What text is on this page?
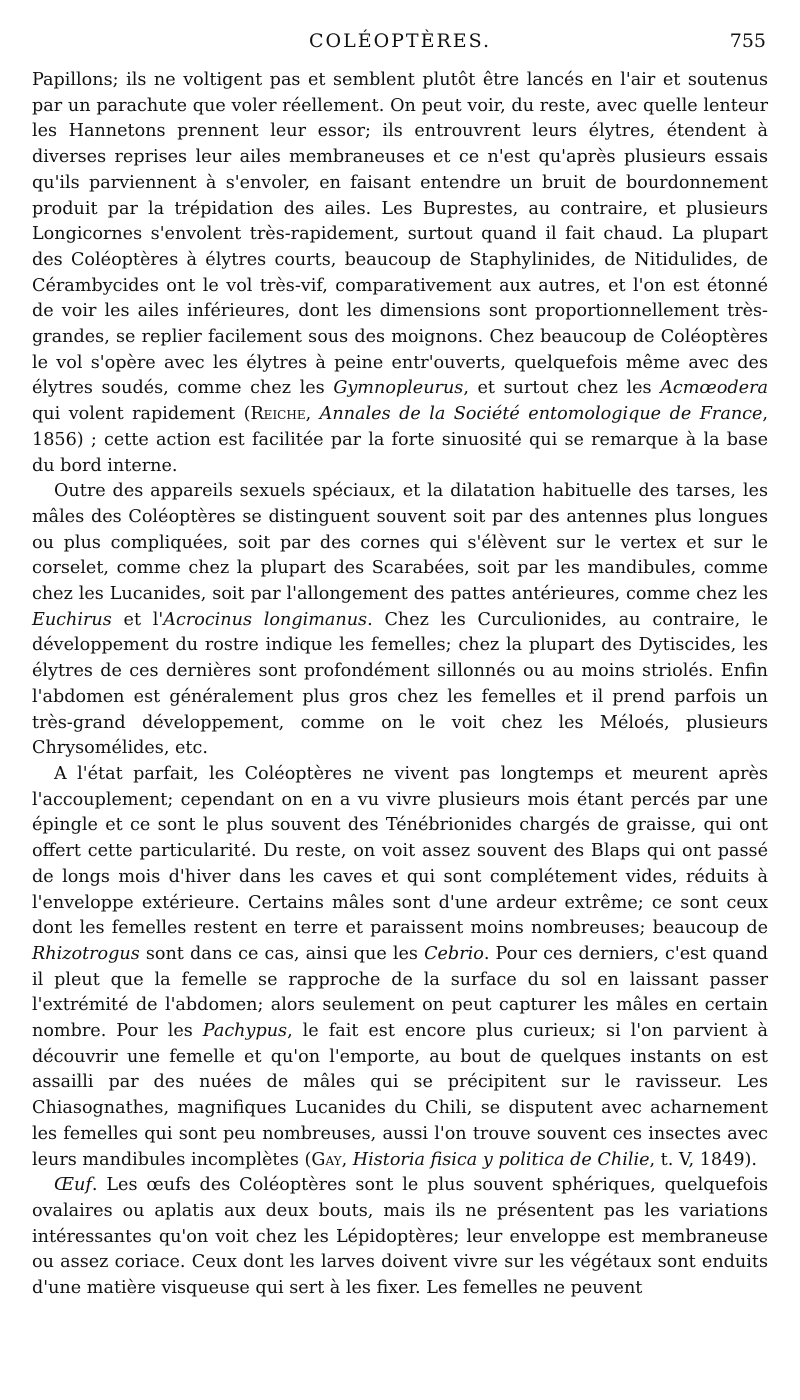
COLÉOPTÈRES.	755

Papillons; ils ne voltigent pas et semblent plutôt être lancés en l'air et soutenus par un parachute que voler réellement. On peut voir, du reste, avec quelle lenteur les Hannetons prennent leur essor; ils entrouvrent leurs élytres, étendent à diverses reprises leur ailes membraneuses et ce n'est qu'après plusieurs essais qu'ils parviennent à s'envoler, en faisant entendre un bruit de bourdonnement produit par la trépidation des ailes. Les Buprestes, au contraire, et plusieurs Longicornes s'envolent très-rapidement, surtout quand il fait chaud. La plupart des Coléoptères à élytres courts, beaucoup de Staphylinides, de Nitidulides, de Cérambycides ont le vol très-vif, comparativement aux autres, et l'on est étonné de voir les ailes inférieures, dont les dimensions sont proportionnellement très-grandes, se replier facilement sous des moignons. Chez beaucoup de Coléoptères le vol s'opère avec les élytres à peine entr'ouverts, quelquefois même avec des élytres soudés, comme chez les Gymnopleurus, et surtout chez les Acmœodera qui volent rapidement (Reiche, Annales de la Société entomologique de France, 1856) ; cette action est facilitée par la forte sinuosité qui se remarque à la base du bord interne.

Outre des appareils sexuels spéciaux, et la dilatation habituelle des tarses, les mâles des Coléoptères se distinguent souvent soit par des antennes plus longues ou plus compliquées, soit par des cornes qui s'élèvent sur le vertex et sur le corselet, comme chez la plupart des Scarabées, soit par les mandibules, comme chez les Lucanides, soit par l'allongement des pattes antérieures, comme chez les Euchirus et l'Acrocinus longimanus. Chez les Curculionides, au contraire, le développement du rostre indique les femelles; chez la plupart des Dytiscides, les élytres de ces dernières sont profondément sillonnés ou au moins striolés. Enfin l'abdomen est généralement plus gros chez les femelles et il prend parfois un très-grand développement, comme on le voit chez les Méloés, plusieurs Chrysomélides, etc.

A l'état parfait, les Coléoptères ne vivent pas longtemps et meurent après l'accouplement; cependant on en a vu vivre plusieurs mois étant percés par une épingle et ce sont le plus souvent des Ténébrionides chargés de graisse, qui ont offert cette particularité. Du reste, on voit assez souvent des Blaps qui ont passé de longs mois d'hiver dans les caves et qui sont complétement vides, réduits à l'enveloppe extérieure. Certains mâles sont d'une ardeur extrême; ce sont ceux dont les femelles restent en terre et paraissent moins nombreuses; beaucoup de Rhizotrogus sont dans ce cas, ainsi que les Cebrio. Pour ces derniers, c'est quand il pleut que la femelle se rapproche de la surface du sol en laissant passer l'extrémité de l'abdomen; alors seulement on peut capturer les mâles en certain nombre. Pour les Pachypus, le fait est encore plus curieux; si l'on parvient à découvrir une femelle et qu'on l'emporte, au bout de quelques instants on est assailli par des nuées de mâles qui se précipitent sur le ravisseur. Les Chiasognathes, magnifiques Lucanides du Chili, se disputent avec acharnement les femelles qui sont peu nombreuses, aussi l'on trouve souvent ces insectes avec leurs mandibules incomplètes (Gay, Historia fisica y politica de Chilie, t. V, 1849).

Œuf. Les œufs des Coléoptères sont le plus souvent sphériques, quelquefois ovalaires ou aplatis aux deux bouts, mais ils ne présentent pas les variations intéressantes qu'on voit chez les Lépidoptères; leur enveloppe est membraneuse ou assez coriace. Ceux dont les larves doivent vivre sur les végétaux sont enduits d'une matière visqueuse qui sert à les fixer. Les femelles ne peuvent
